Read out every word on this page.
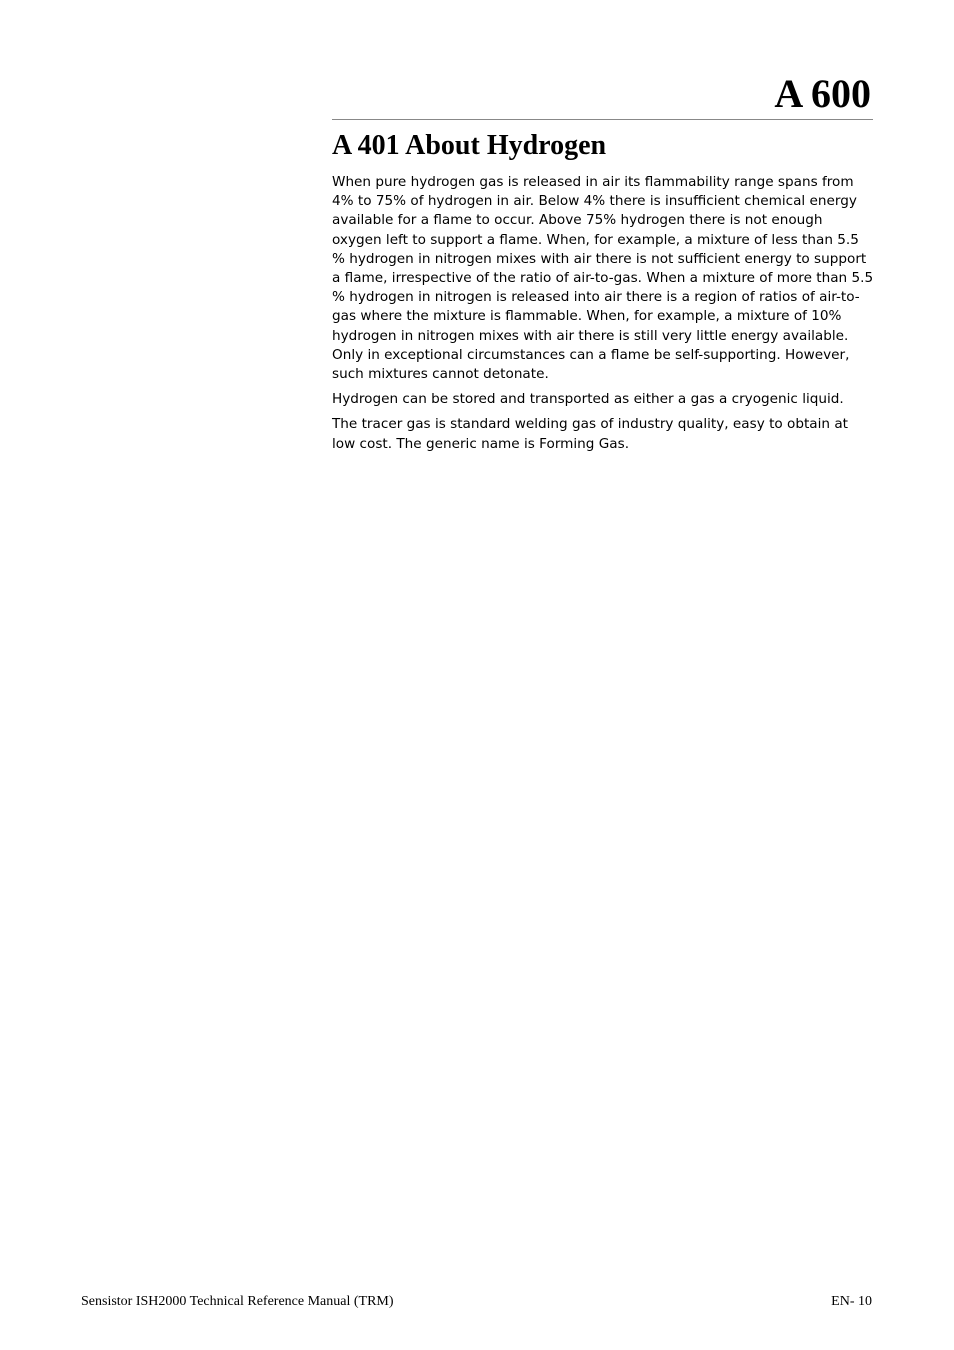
A 600
A 401 About Hydrogen

When pure hydrogen gas is released in air its flammability range spans from 4% to 75% of hydrogen in air. Below 4% there is insufficient chemical energy available for a flame to occur. Above 75% hydrogen there is not enough oxygen left to support a flame. When, for example, a mixture of less than 5.5 % hydrogen in nitrogen mixes with air there is not sufficient energy to support a flame, irrespective of the ratio of air-to-gas. When a mixture of more than 5.5 % hydrogen in nitrogen is released into air there is a region of ratios of air-to-gas where the mixture is flammable. When, for example, a mixture of 10% hydrogen in nitrogen mixes with air there is still very little energy available. Only in exceptional circumstances can a flame be self-supporting. However, such mixtures cannot detonate.

Hydrogen can be stored and transported as either a gas a cryogenic liquid.

The tracer gas is standard welding gas of industry quality, easy to obtain at low cost. The generic name is Forming Gas.

Sensistor ISH2000 Technical Reference Manual (TRM)	EN- 10
